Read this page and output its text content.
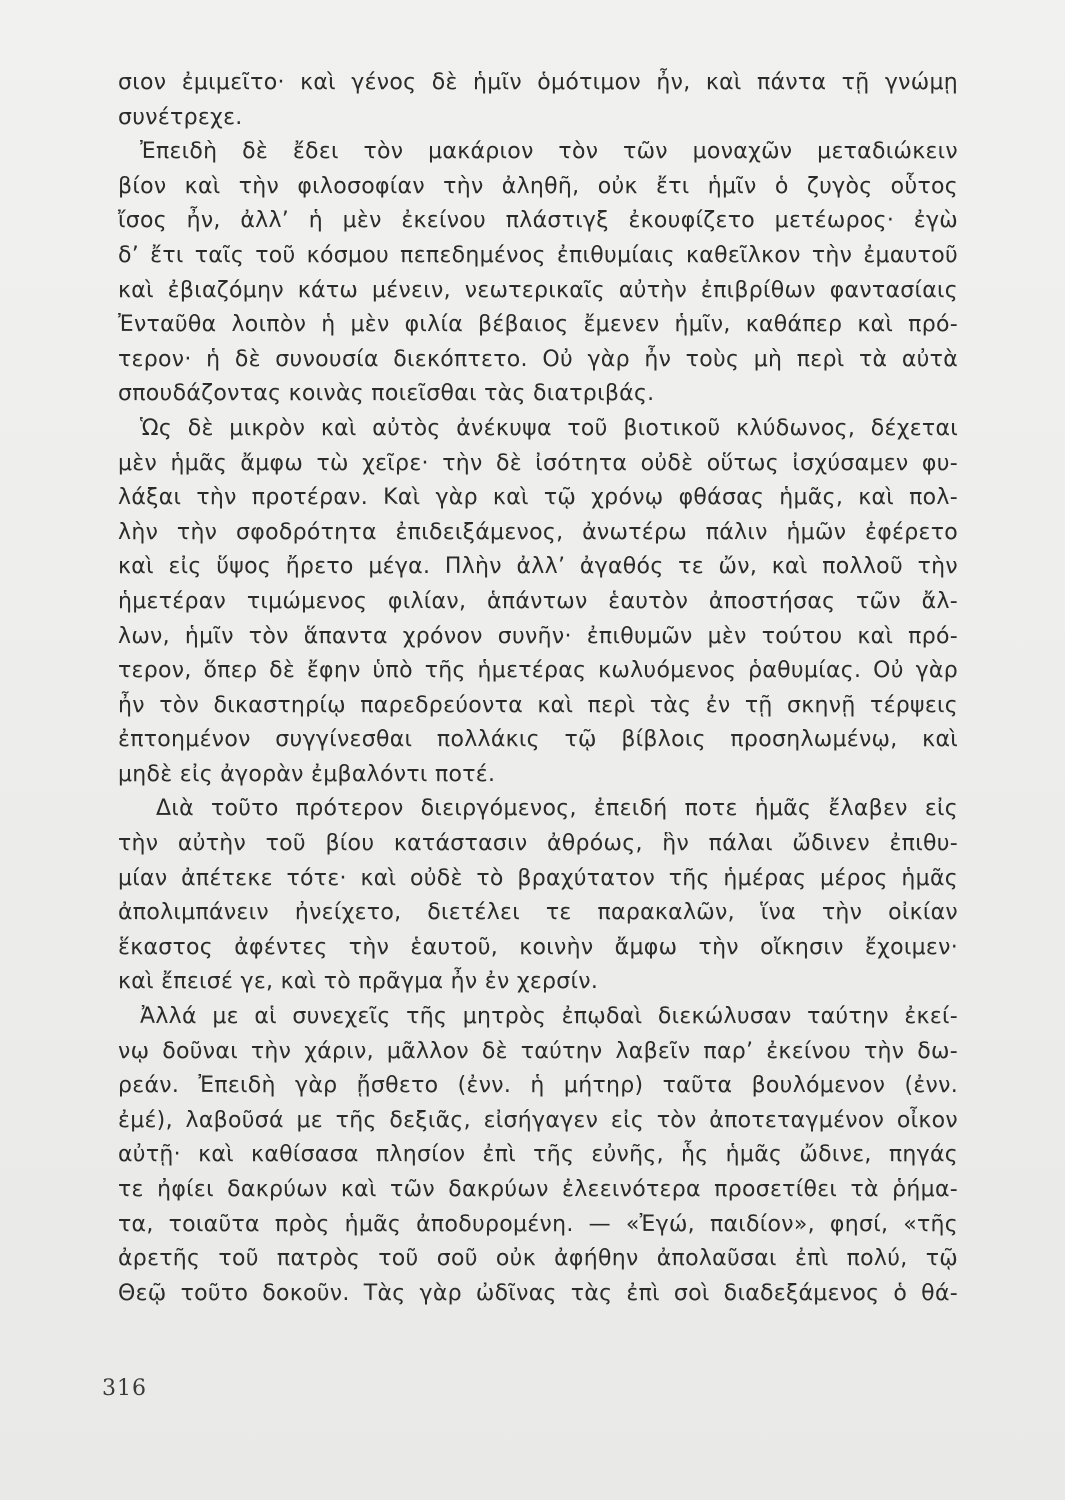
σιον ἐμιμεῖτο· καὶ γένος δὲ ἡμῖν ὁμότιμον ἦν, καὶ πάντα τῇ γνώμῃ
συνέτρεχε.
Ἐπειδὴ δὲ ἔδει τὸν μακάριον τὸν τῶν μοναχῶν μεταδιώκειν
βίον καὶ τὴν φιλοσοφίαν τὴν ἀληθῆ, οὐκ ἔτι ἡμῖν ὁ ζυγὸς οὗτος
ἴσος ἦν, ἀλλ’ ἡ μὲν ἐκείνου πλάστιγξ ἐκουφίζετο μετέωρος· ἐγὼ
δ’ ἔτι ταῖς τοῦ κόσμου πεπεδημένος ἐπιθυμίαις καθεῖλκον τὴν ἐμαυτοῦ
καὶ ἐβιαζόμην κάτω μένειν, νεωτερικαῖς αὐτὴν ἐπιβρίθων φαντασίαις
Ἐνταῦθα λοιπὸν ἡ μὲν φιλία βέβαιος ἔμενεν ἡμῖν, καθάπερ καὶ πρό-
τερον· ἡ δὲ συνουσία διεκόπτετο. Οὐ γὰρ ἦν τοὺς μὴ περὶ τὰ αὐτὰ
σπουδάζοντας κοινὰς ποιεῖσθαι τὰς διατριβάς.
Ὡς δὲ μικρὸν καὶ αὐτὸς ἀνέκυψα τοῦ βιοτικοῦ κλύδωνος, δέχεται
μὲν ἡμᾶς ἄμφω τὼ χεῖρε· τὴν δὲ ἰσότητα οὐδὲ οὕτως ἰσχύσαμεν φυ-
λάξαι τὴν προτέραν. Καὶ γὰρ καὶ τῷ χρόνῳ φθάσας ἡμᾶς, καὶ πολ-
λὴν τὴν σφοδρότητα ἐπιδειξάμενος, ἀνωτέρω πάλιν ἡμῶν ἐφέρετο
καὶ εἰς ὕψος ἤρετο μέγα. Πλὴν ἀλλ’ ἀγαθός τε ὤν, καὶ πολλοῦ τὴν
ἡμετέραν τιμώμενος φιλίαν, ἁπάντων ἑαυτὸν ἀποστήσας τῶν ἄλ-
λων, ἡμῖν τὸν ἅπαντα χρόνον συνῆν· ἐπιθυμῶν μὲν τούτου καὶ πρό-
τερον, ὅπερ δὲ ἔφην ὑπὸ τῆς ἡμετέρας κωλυόμενος ῥαθυμίας. Οὐ γὰρ
ἦν τὸν δικαστηρίῳ παρεδρεύοντα καὶ περὶ τὰς ἐν τῇ σκηνῇ τέρψεις
ἐπτοημένον συγγίνεσθαι πολλάκις τῷ βίβλοις προσηλωμένῳ, καὶ
μηδὲ εἰς ἀγορὰν ἐμβαλόντι ποτέ.
Διὰ τοῦτο πρότερον διειργόμενος, ἐπειδή ποτε ἡμᾶς ἔλαβεν εἰς
τὴν αὐτὴν τοῦ βίου κατάστασιν ἀθρόως, ἣν πάλαι ὤδινεν ἐπιθυ-
μίαν ἀπέτεκε τότε· καὶ οὐδὲ τὸ βραχύτατον τῆς ἡμέρας μέρος ἡμᾶς
ἀπολιμπάνειν ἠνείχετο, διετέλει τε παρακαλῶν, ἵνα τὴν οἰκίαν
ἕκαστος ἀφέντες τὴν ἑαυτοῦ, κοινὴν ἄμφω τὴν οἴκησιν ἔχοιμεν·
καὶ ἔπεισέ γε, καὶ τὸ πρᾶγμα ἦν ἐν χερσίν.
Ἀλλά με αἱ συνεχεῖς τῆς μητρὸς ἐπῳδαὶ διεκώλυσαν ταύτην ἐκεί-
νῳ δοῦναι τὴν χάριν, μᾶλλον δὲ ταύτην λαβεῖν παρ’ ἐκείνου τὴν δω-
ρεάν. Ἐπειδὴ γὰρ ᾔσθετο (ἐνν. ἡ μήτηρ) ταῦτα βουλόμενον (ἐνν.
ἐμέ), λαβοῦσά με τῆς δεξιᾶς, εἰσήγαγεν εἰς τὸν ἀποτεταγμένον οἶκον
αὐτῇ· καὶ καθίσασα πλησίον ἐπὶ τῆς εὐνῆς, ἧς ἡμᾶς ὤδινε, πηγάς
τε ἠφίει δακρύων καὶ τῶν δακρύων ἐλεεινότερα προσετίθει τὰ ῥήμα-
τα, τοιαῦτα πρὸς ἡμᾶς ἀποδυρομένη. — «Ἐγώ, παιδίον», φησί, «τῆς
ἀρετῆς τοῦ πατρὸς τοῦ σοῦ οὐκ ἀφήθην ἀπολαῦσαι ἐπὶ πολύ, τῷ
Θεῷ τοῦτο δοκοῦν. Τὰς γὰρ ὠδῖνας τὰς ἐπὶ σοὶ διαδεξάμενος ὁ θά-
316
